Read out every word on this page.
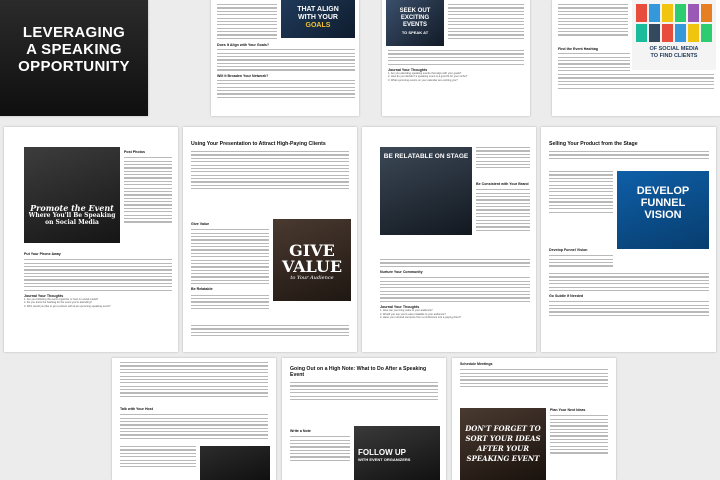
LEVERAGING
A SPEAKING
OPPORTUNITY
THAT ALIGN
WITH YOUR
GOALS
Does It Align with Your Goals?
Will It Broaden Your Network?
SEEK OUT
EXCITING
EVENTS
TO SPEAK AT
Journal Your Thoughts
1. Are you attending speaking events that align with your goals?
2. How do you decide if a speaking event is a good fit for your niche?
3. What upcoming events on your calendar are exciting you?
OF SOCIAL MEDIA
TO FIND CLIENTS
Find the Event Hashtag
Promote the Event
Where You'll Be Speaking
on Social Media
Post Photos
Put Your Phone Away
Journal Your Thoughts
1. Are you following the event organizer or host on social media?
2. Do you know the hashtag for the event you're attending?
3. Who would you like to get a picture with at an upcoming speaking event?
Using Your Presentation to Attract High-Paying Clients
Give Value
Be Relatable
GIVE
VALUE
to Your Audience
BE RELATABLE ON STAGE
Be Consistent with Your Brand
Nurture Your Community
Journal Your Thoughts
1. How can you bring value to your audience?
2. Would you say you're easy relatable to your audience?
3. Have you nurtured someone from a conference into a paying client?
Selling Your Product from the Stage
DEVELOP
FUNNEL
VISION
Develop Funnel Vision
Go Subtle If Needed
Talk with Your Host
Going Out on a High Note: What to Do After a Speaking Event
Write a Note
FOLLOW UP
WITH EVENT ORGANIZERS
Schedule Meetings
DON'T FORGET TO
SORT YOUR IDEAS
AFTER YOUR
SPEAKING EVENT
Plan Your Next Ideas
